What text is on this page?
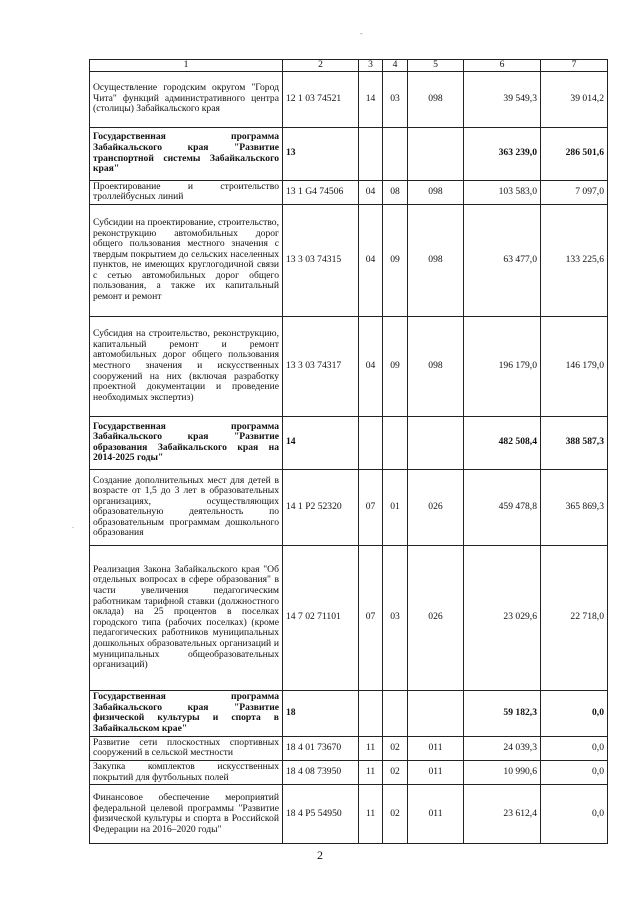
-
.
1	2	3	4	5	6	7
Осуществление городским округом "Город Чита" функций административного центра (столицы) Забайкальского края	12 1 03 74521	14	03	098	39 549,3	39 014,2
Государственная программа Забайкальского края "Развитие транспортной системы Забайкальского края"	13				363 239,0	286 501,6
Проектирование и строительство троллейбусных линий	13 1 G4 74506	04	08	098	103 583,0	7 097,0
Субсидии на проектирование, строительство, реконструкцию автомобильных дорог общего пользования местного значения с твердым покрытием до сельских населенных пунктов, не имеющих круглогодичной связи с сетью автомобильных дорог общего пользования, а также их капитальный ремонт и ремонт	13 3 03 74315	04	09	098	63 477,0	133 225,6
Субсидия на строительство, реконструкцию, капитальный ремонт и ремонт автомобильных дорог общего пользования местного значения и искусственных сооружений на них (включая разработку проектной документации и проведение необходимых экспертиз)	13 3 03 74317	04	09	098	196 179,0	146 179,0
Государственная программа Забайкальского края "Развитие образования Забайкальского края на 2014-2025 годы"	14				482 508,4	388 587,3
Создание дополнительных мест для детей в возрасте от 1,5 до 3 лет в образовательных организациях, осуществляющих образовательную деятельность по образовательным программам дошкольного образования	14 1 P2 52320	07	01	026	459 478,8	365 869,3
Реализация Закона Забайкальского края "Об отдельных вопросах в сфере образования" в части увеличения педагогическим работникам тарифной ставки (должностного оклада) на 25 процентов в поселках городского типа (рабочих поселках) (кроме педагогических работников муниципальных дошкольных образовательных организаций и муниципальных общеобразовательных организаций)	14 7 02 71101	07	03	026	23 029,6	22 718,0
Государственная программа Забайкальского края "Развитие физической культуры и спорта в Забайкальском крае"	18				59 182,3	0,0
Развитие сети плоскостных спортивных сооружений в сельской местности	18 4 01 73670	11	02	011	24 039,3	0,0
Закупка комплектов искусственных покрытий для футбольных полей	18 4 08 73950	11	02	011	10 990,6	0,0
Финансовое обеспечение мероприятий федеральной целевой программы "Развитие физической культуры и спорта в Российской Федерации на 2016–2020 годы"	18 4 P5 54950	11	02	011	23 612,4	0,0
2
